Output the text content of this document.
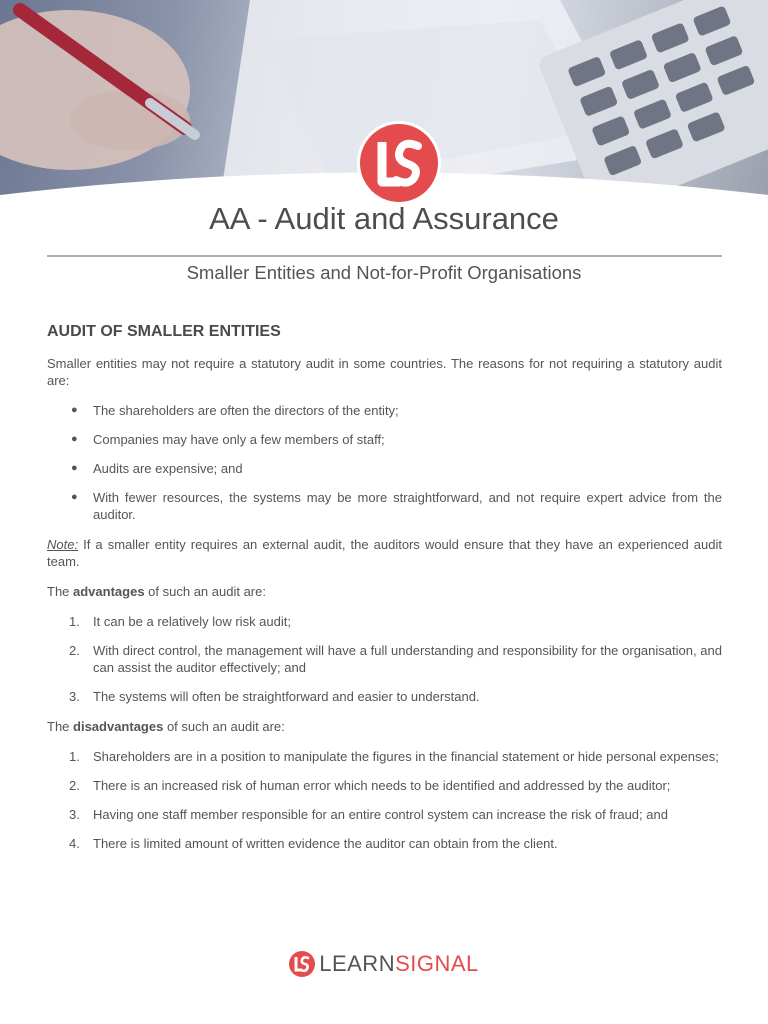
AA - Audit and Assurance
Smaller Entities and Not-for-Profit Organisations
AUDIT OF SMALLER ENTITIES

Smaller entities may not require a statutory audit in some countries. The reasons for not requiring a statutory audit are:

● The shareholders are often the directors of the entity;
● Companies may have only a few members of staff;
● Audits are expensive; and
● With fewer resources, the systems may be more straightforward, and not require expert advice from the auditor.

Note: If a smaller entity requires an external audit, the auditors would ensure that they have an experienced audit team.

The advantages of such an audit are:

1. It can be a relatively low risk audit;
2. With direct control, the management will have a full understanding and responsibility for the organisation, and can assist the auditor effectively; and
3. The systems will often be straightforward and easier to understand.

The disadvantages of such an audit are:

1. Shareholders are in a position to manipulate the figures in the financial statement or hide personal expenses;
2. There is an increased risk of human error which needs to be identified and addressed by the auditor;
3. Having one staff member responsible for an entire control system can increase the risk of fraud; and
4. There is limited amount of written evidence the auditor can obtain from the client.
LEARNSIGNAL
